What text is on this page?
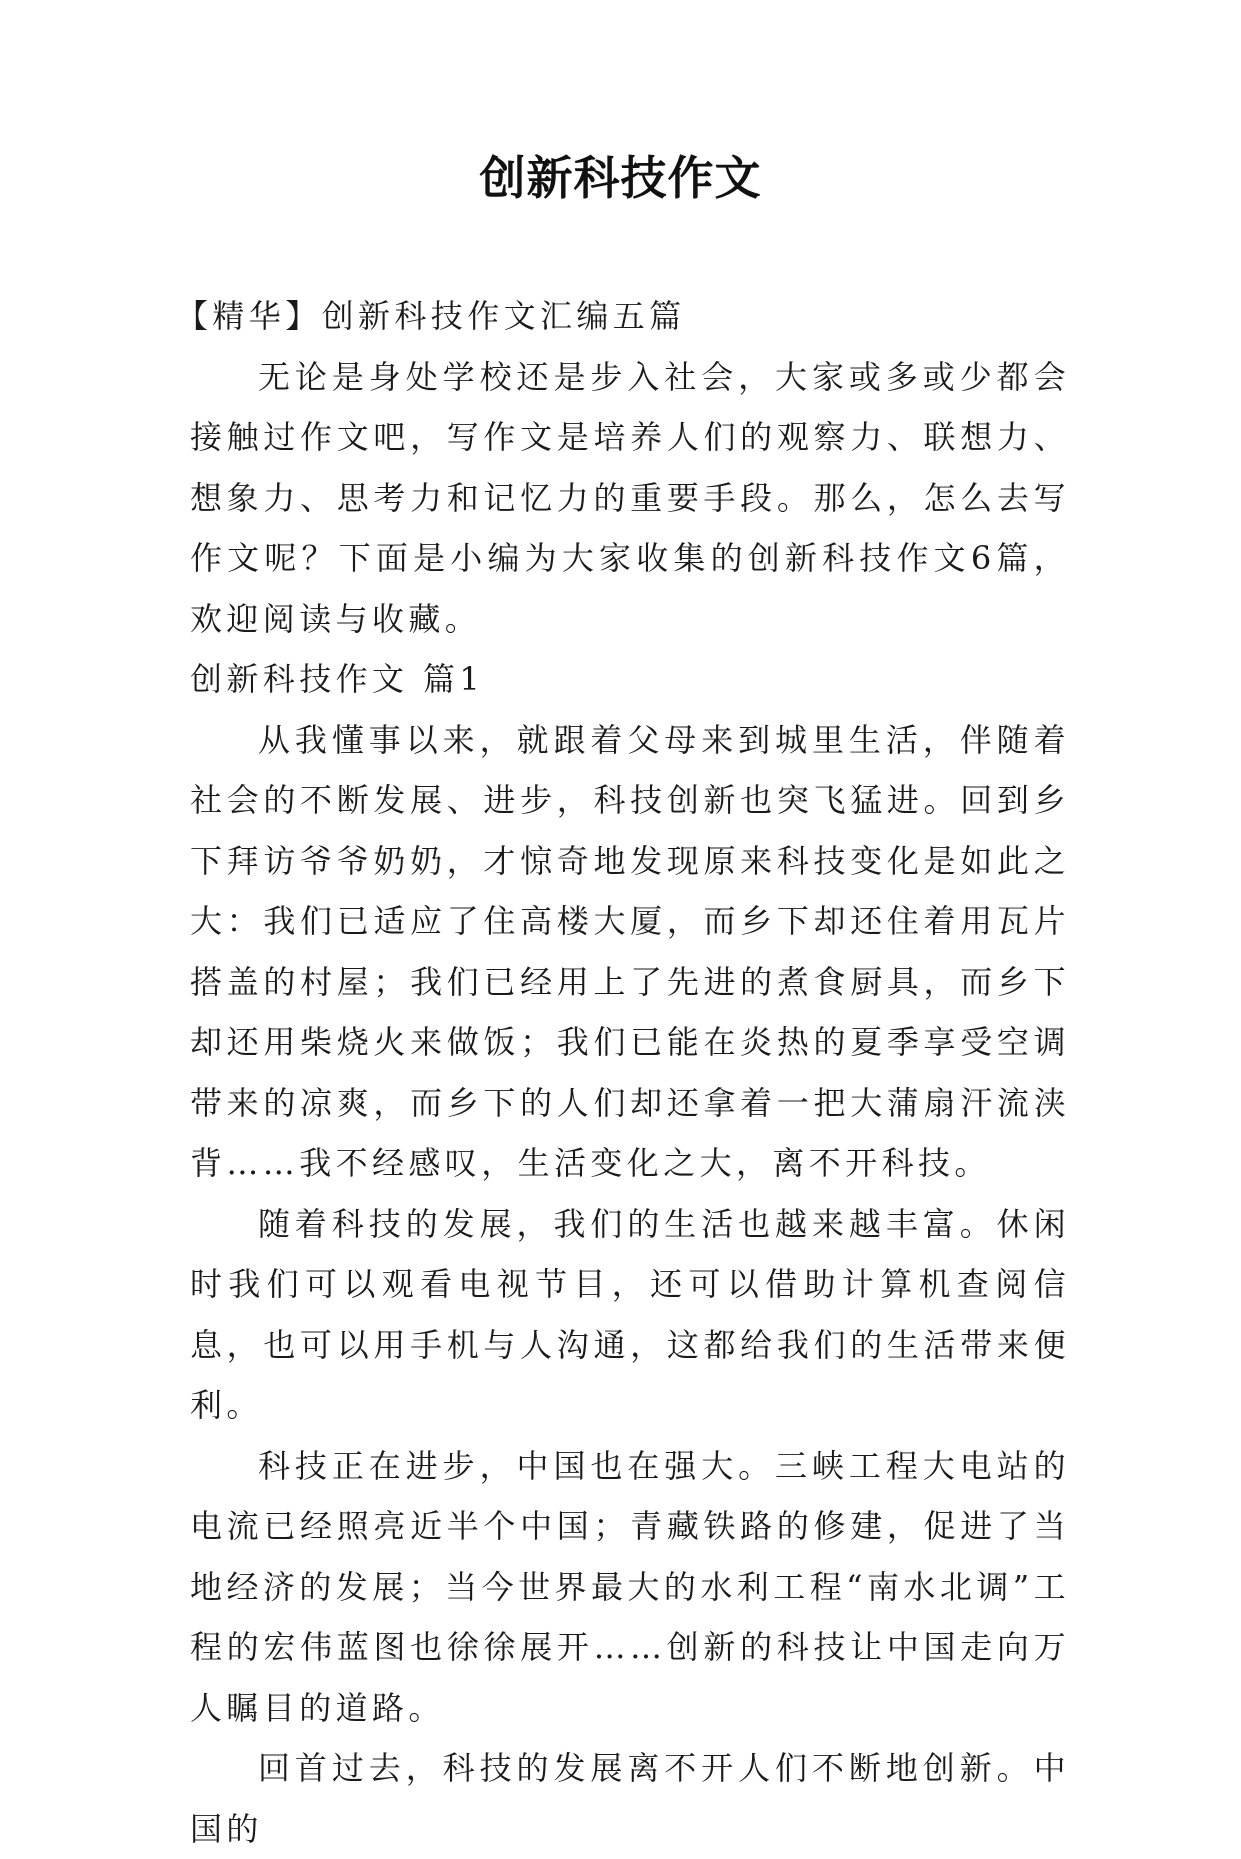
创新科技作文

【精华】创新科技作文汇编五篇

无论是身处学校还是步入社会，大家或多或少都会接触过作文吧，写作文是培养人们的观察力、联想力、想象力、思考力和记忆力的重要手段。那么，怎么去写作文呢？下面是小编为大家收集的创新科技作文6篇，欢迎阅读与收藏。

创新科技作文 篇1

从我懂事以来，就跟着父母来到城里生活，伴随着社会的不断发展、进步，科技创新也突飞猛进。回到乡下拜访爷爷奶奶，才惊奇地发现原来科技变化是如此之大：我们已适应了住高楼大厦，而乡下却还住着用瓦片搭盖的村屋；我们已经用上了先进的煮食厨具，而乡下却还用柴烧火来做饭；我们已能在炎热的夏季享受空调带来的凉爽，而乡下的人们却还拿着一把大蒲扇汗流浃背……我不经感叹，生活变化之大，离不开科技。

随着科技的发展，我们的生活也越来越丰富。休闲时我们可以观看电视节目，还可以借助计算机查阅信息，也可以用手机与人沟通，这都给我们的生活带来便利。

科技正在进步，中国也在强大。三峡工程大电站的电流已经照亮近半个中国；青藏铁路的修建，促进了当地经济的发展；当今世界最大的水利工程“南水北调”工程的宏伟蓝图也徐徐展开……创新的科技让中国走向万人瞩目的道路。

回首过去，科技的发展离不开人们不断地创新。中国的
